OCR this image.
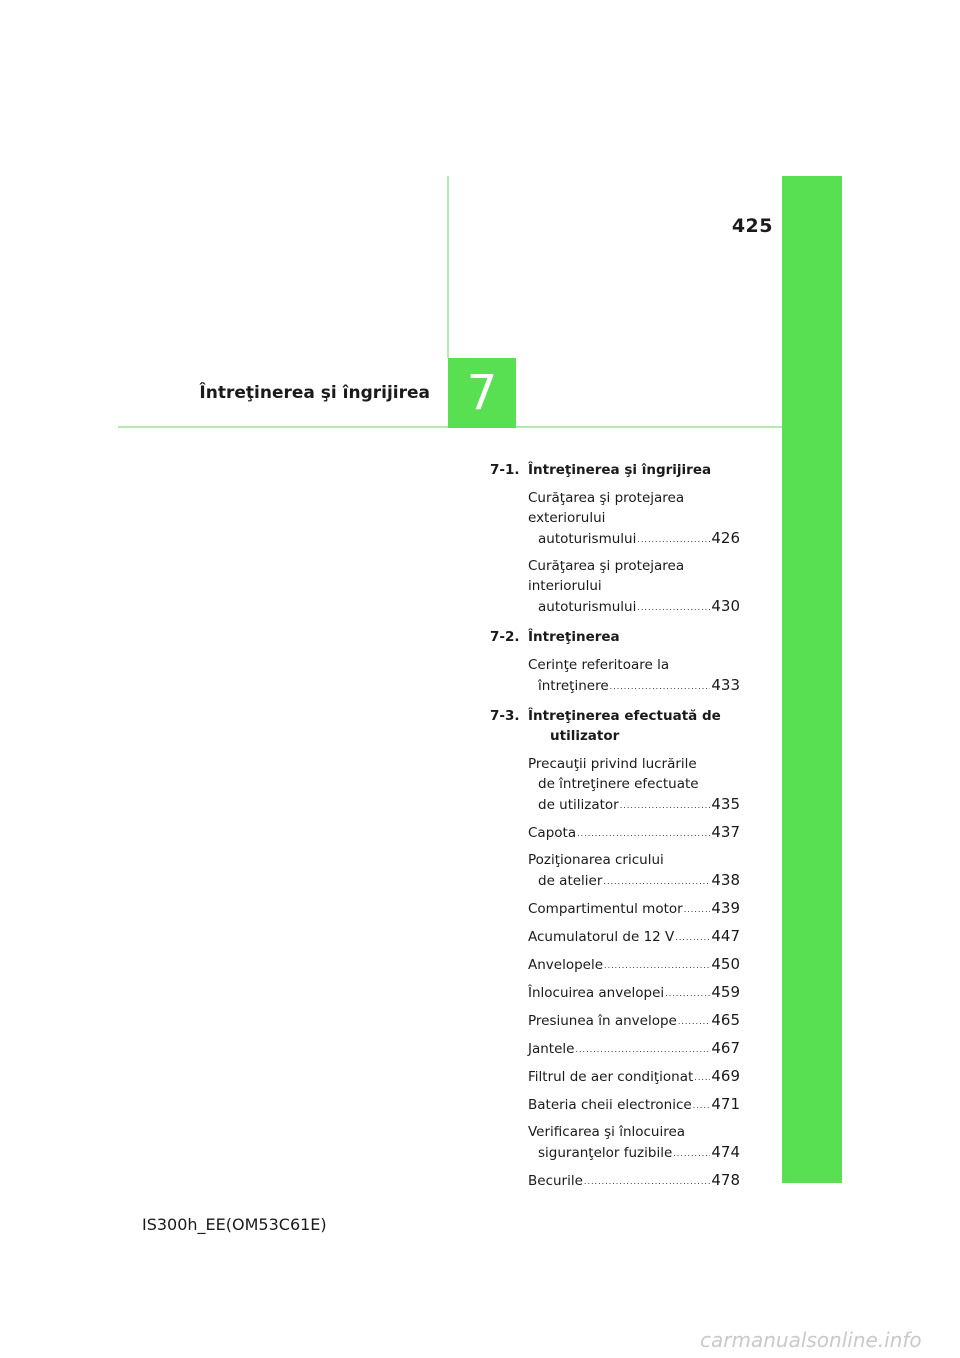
425
7
Întreţinerea şi îngrijirea
7-1. Întreţinerea şi îngrijirea
Curăţarea şi protejarea exteriorului
autoturismului .....	426
Curăţarea şi protejarea interiorului
autoturismului .....	430
7-2. Întreţinerea
Cerinţe referitoare la
întreţinere .....	433
7-3. Întreţinerea efectuată de
utilizator
Precauţii privind lucrările
de întreţinere efectuate
de utilizator .....	435
Capota .....	437
Poziţionarea cricului
de atelier .....	438
Compartimentul motor ..... 439
Acumulatorul de 12 V ..... 447
Anvelopele .....	450
Înlocuirea anvelopei .....	459
Presiunea în anvelope ..... 465
Jantele .....	467
Filtrul de aer condiţionat ..... 469
Bateria cheii electronice ..... 471
Verificarea şi înlocuirea
siguranţelor fuzibile .....	474
Becurile .....	478
IS300h_EE(OM53C61E)
carmanualsonline.info
